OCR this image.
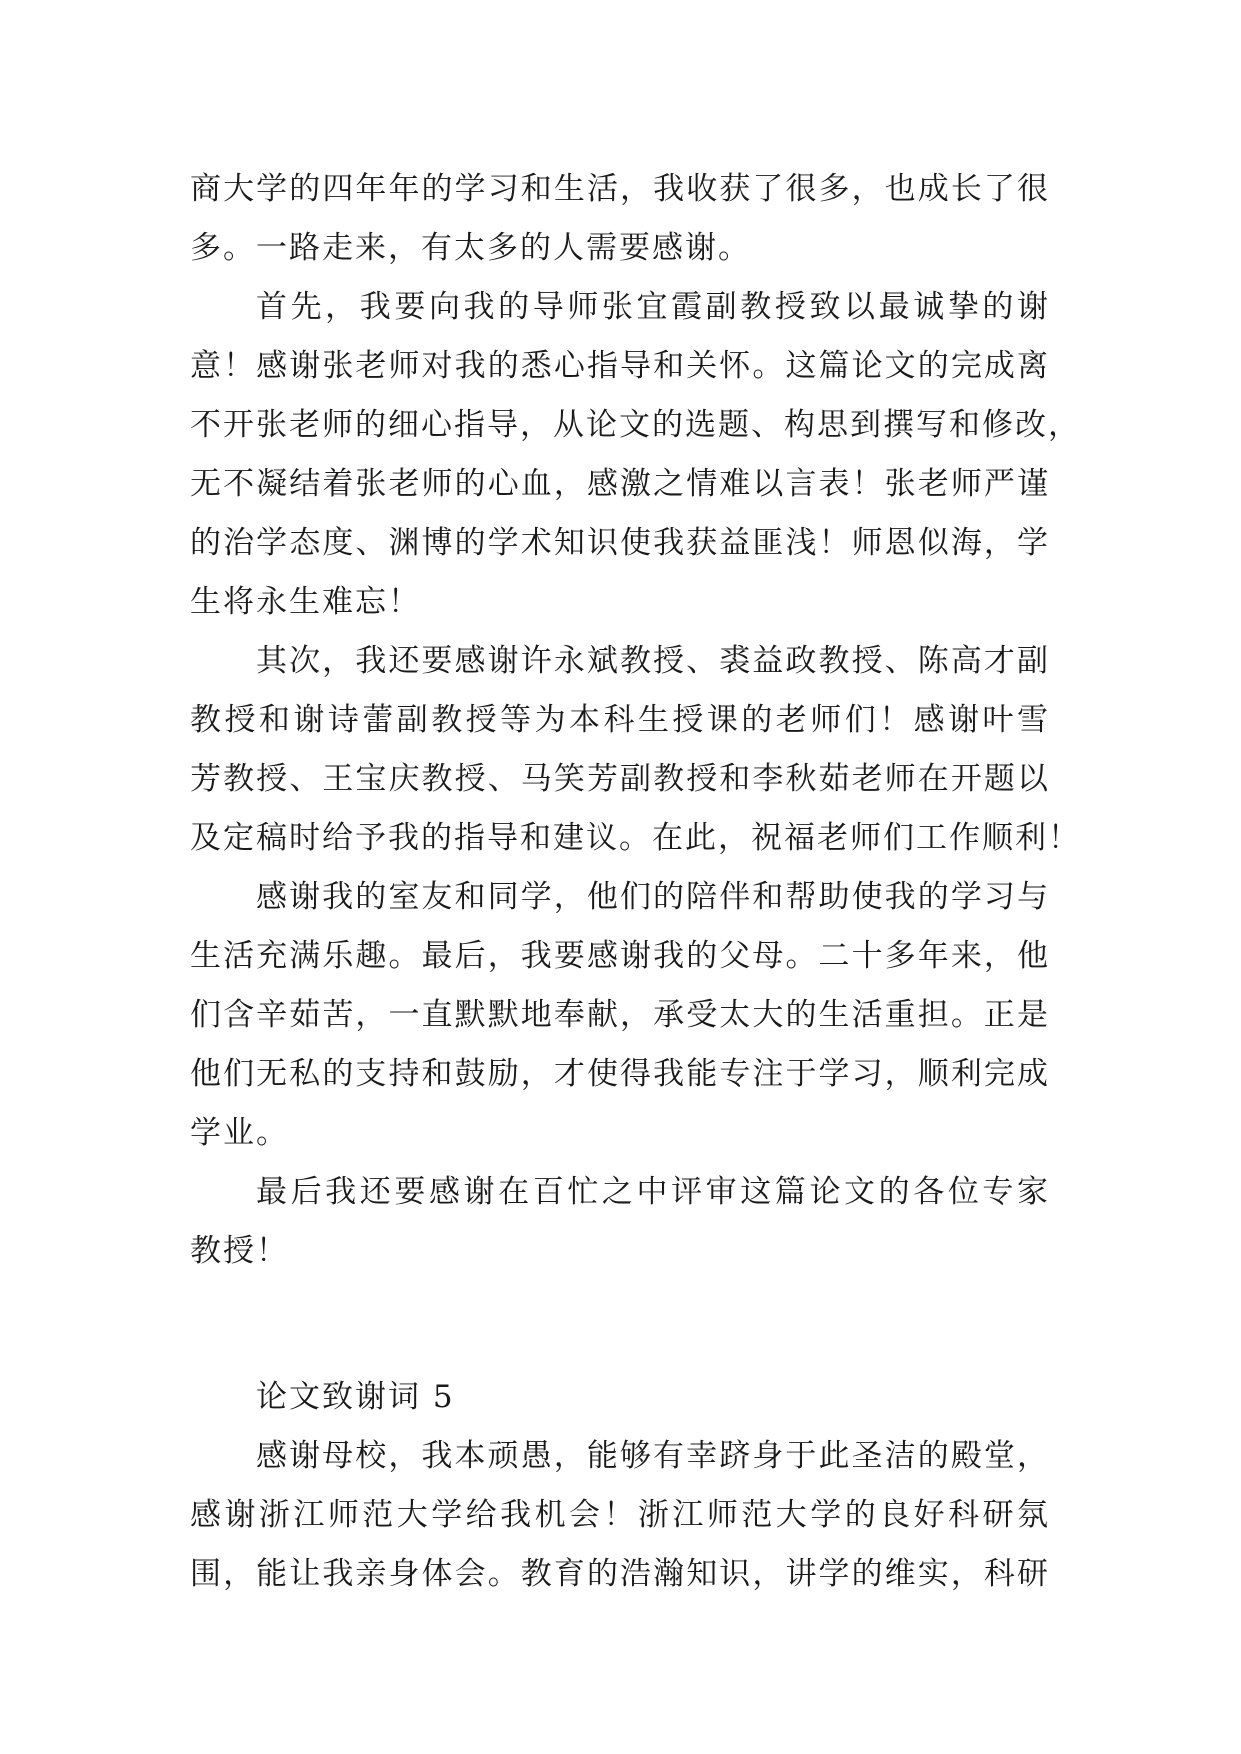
商大学的四年年的学习和生活，我收获了很多，也成长了很
多。一路走来，有太多的人需要感谢。
首先，我要向我的导师张宜霞副教授致以最诚挚的谢
意！感谢张老师对我的悉心指导和关怀。这篇论文的完成离
不开张老师的细心指导，从论文的选题、构思到撰写和修改，
无不凝结着张老师的心血，感激之情难以言表！张老师严谨
的治学态度、渊博的学术知识使我获益匪浅！师恩似海，学
生将永生难忘！
其次，我还要感谢许永斌教授、裘益政教授、陈高才副
教授和谢诗蕾副教授等为本科生授课的老师们！感谢叶雪
芳教授、王宝庆教授、马笑芳副教授和李秋茹老师在开题以
及定稿时给予我的指导和建议。在此，祝福老师们工作顺利！
感谢我的室友和同学，他们的陪伴和帮助使我的学习与
生活充满乐趣。最后，我要感谢我的父母。二十多年来，他
们含辛茹苦，一直默默地奉献，承受太大的生活重担。正是
他们无私的支持和鼓励，才使得我能专注于学习，顺利完成
学业。
最后我还要感谢在百忙之中评审这篇论文的各位专家
教授！
论文致谢词 5
感谢母校，我本顽愚，能够有幸跻身于此圣洁的殿堂，
感谢浙江师范大学给我机会！浙江师范大学的良好科研氛
围，能让我亲身体会。教育的浩瀚知识，讲学的维实，科研
